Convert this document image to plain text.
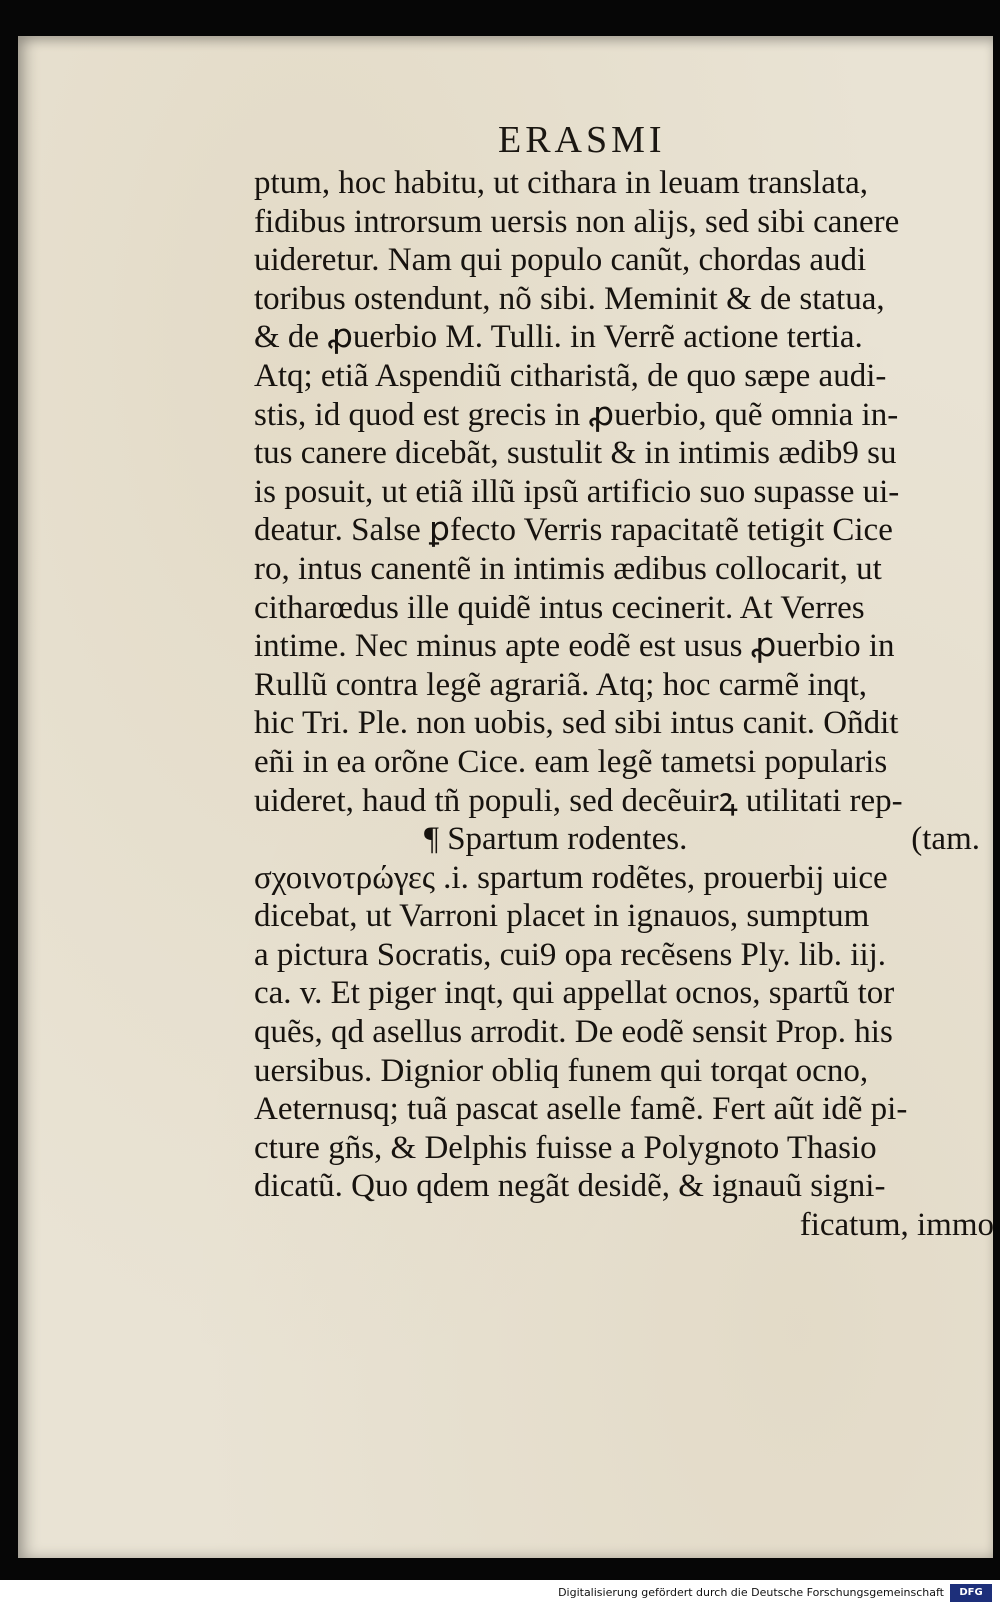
ERASMI
ptum, hoc habitu, ut cithara in leuam translata,
fidibus introrsum uersis non alijs, sed sibi canere
uideretur. Nam qui populo canũt, chordas audi
toribus ostendunt, nõ sibi. Meminit & de statua,
& de ꝓuerbio M. Tulli. in Verrẽ actione tertia.
Atq; etiã Aspendiũ citharistã, de quo sæpe audi-
stis, id quod est grecis in ꝓuerbio, quẽ omnia in-
tus canere dicebãt, sustulit & in intimis ædib9 su
is posuit, ut etiã illũ ipsũ artificio suo supasse ui-
deatur. Salse ꝑfecto Verris rapacitatẽ tetigit Cice
ro, intus canentẽ in intimis ædibus collocarit, ut
citharœdus ille quidẽ intus cecinerit. At Verres
intime. Nec minus apte eodẽ est usus ꝓuerbio in
Rullũ contra legẽ agrariã. Atq; hoc carmẽ inqt,
hic Tri. Ple. non uobis, sed sibi intus canit. Oñdit
eñi in ea orõne Cice. eam legẽ tametsi popularis
uideret, haud tñ populi, sed decẽuirꝝ utilitati rep-
¶ Spartum rodentes.	(tam.
σχοινοτρώγες .i. spartum rodẽtes, prouerbij uice
dicebat, ut Varroni placet in ignauos, sumptum
a pictura Socratis, cui9 opa recẽsens Ply. lib. iij.
ca. v. Et piger inqt, qui appellat ocnos, spartũ tor
quẽs, qd asellus arrodit. De eodẽ sensit Prop. his
uersibus. Dignior obliq funem qui torqat ocno,
Aeternusq; tuã pascat aselle famẽ. Fert aũt idẽ pi-
cture gñs, & Delphis fuisse a Polygnoto Thasio
dicatũ. Quo qdem negãt desidẽ, & ignauũ signi-
ficatum, immo
Digitalisierung gefördert durch die Deutsche Forschungsgemeinschaft	DFG
